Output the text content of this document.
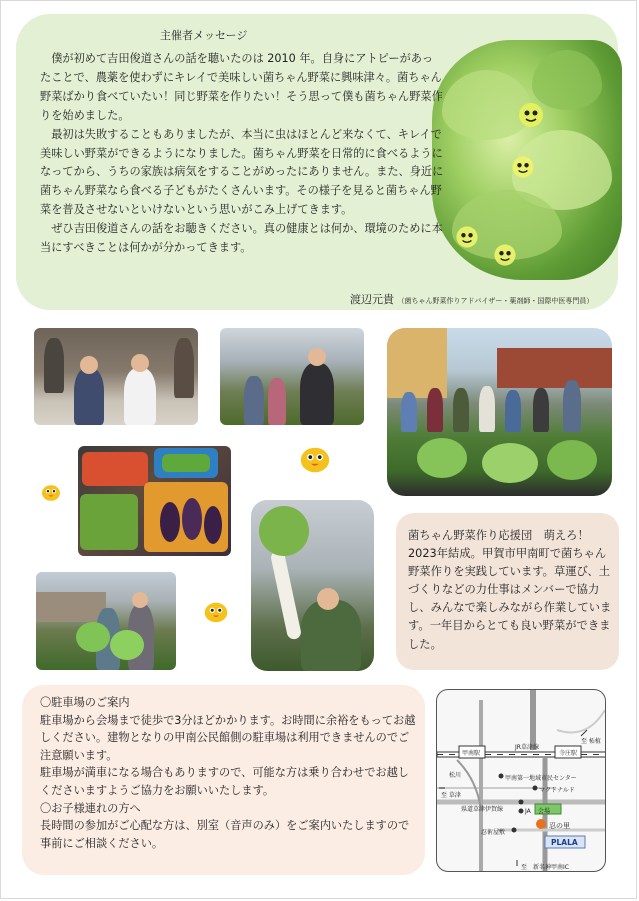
主催者メッセージ

　僕が初めて吉田俊道さんの話を聴いたのは 2010 年。自身にアトピーがあったことで、農薬を使わずにキレイで美味しい菌ちゃん野菜に興味津々。菌ちゃん野菜ばかり食べていたい！同じ野菜を作りたい！そう思って僕も菌ちゃん野菜作りを始めました。

　最初は失敗することもありましたが、本当に虫はほとんど来なくて、キレイで美味しい野菜ができるようになりました。菌ちゃん野菜を日常的に食べるようになってから、うちの家族は病気をすることがめったにありません。また、身近に菌ちゃん野菜なら食べる子どもがたくさんいます。その様子を見ると菌ちゃん野菜を普及させないといけないという思いがこみ上げてきます。

　ぜひ吉田俊道さんの話をお聴きください。真の健康とは何か、環境のために本当にすべきことは何かが分かってきます。

渡辺元貴 （菌ちゃん野菜作りアドバイザー・薬剤師・国際中医専門員）
菌ちゃん野菜作り応援団　萌えろ！2023年結成。甲賀市甲南町で菌ちゃん野菜作りを実践しています。草運び、土づくりなどの力仕事はメンバーで協力し、みんなで楽しみながら作業しています。一年目からとても良い野菜ができました。

〇駐車場のご案内

駐車場から会場まで徒歩で3分ほどかかります。お時間に余裕をもってお越しください。建物となりの甲南公民館側の駐車場は利用できませんのでご注意願います。

駐車場が満車になる場合もありますので、可能な方は乗り合わせでお越しくださいますようご協力をお願いいたします。

〇お子様連れの方へ

長時間の参加がご心配な方は、別室（音声のみ）をご案内いたしますので事前にご相談ください。

至 柘植
甲南駅
JR草津線
寺庄駅
松川
至 草津
甲南第一地域市民センター
マクドナルド
県道草津伊賀線	JA 会場
忍術屋敷
忍の里
PLALA
至　新名神甲南IC
